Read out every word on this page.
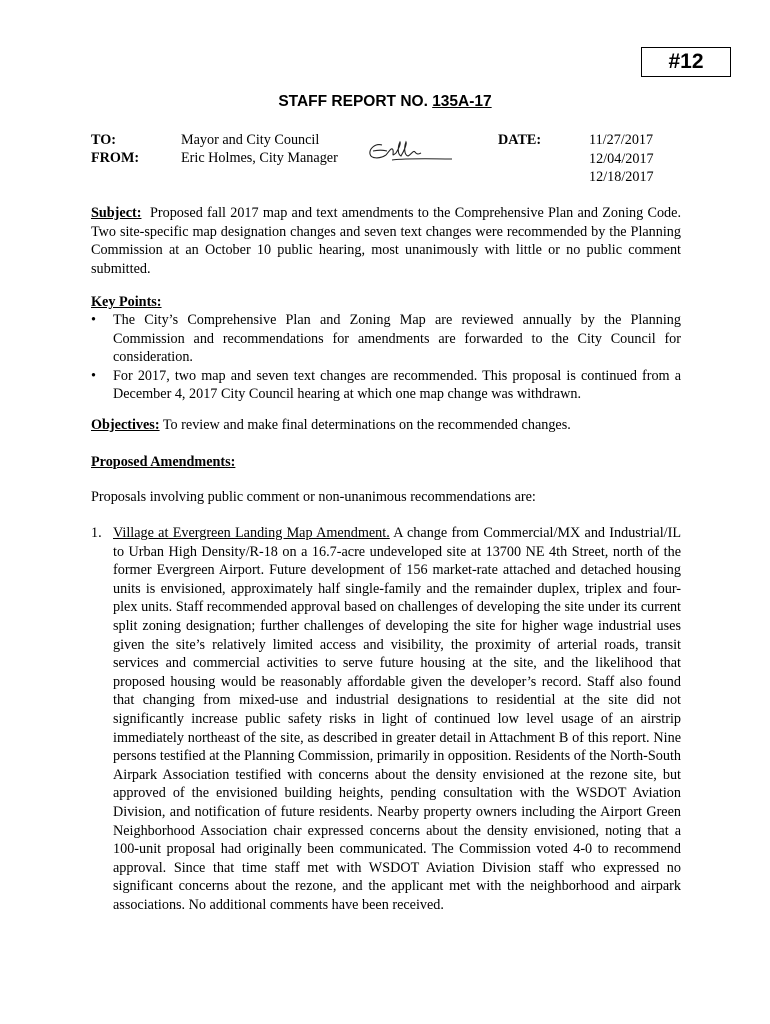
#12
STAFF REPORT NO. 135A-17
TO:	Mayor and City Council
FROM:	Eric Holmes, City Manager
DATE:	11/27/2017
12/04/2017
12/18/2017
Subject: Proposed fall 2017 map and text amendments to the Comprehensive Plan and Zoning Code. Two site-specific map designation changes and seven text changes were recommended by the Planning Commission at an October 10 public hearing, most unanimously with little or no public comment submitted.
Key Points:
• The City’s Comprehensive Plan and Zoning Map are reviewed annually by the Planning Commission and recommendations for amendments are forwarded to the City Council for consideration.
• For 2017, two map and seven text changes are recommended. This proposal is continued from a December 4, 2017 City Council hearing at which one map change was withdrawn.
Objectives: To review and make final determinations on the recommended changes.
Proposed Amendments:
Proposals involving public comment or non-unanimous recommendations are:
1. Village at Evergreen Landing Map Amendment. A change from Commercial/MX and Industrial/IL to Urban High Density/R-18 on a 16.7-acre undeveloped site at 13700 NE 4th Street, north of the former Evergreen Airport. Future development of 156 market-rate attached and detached housing units is envisioned, approximately half single-family and the remainder duplex, triplex and four-plex units. Staff recommended approval based on challenges of developing the site under its current split zoning designation; further challenges of developing the site for higher wage industrial uses given the site’s relatively limited access and visibility, the proximity of arterial roads, transit services and commercial activities to serve future housing at the site, and the likelihood that proposed housing would be reasonably affordable given the developer’s record. Staff also found that changing from mixed-use and industrial designations to residential at the site did not significantly increase public safety risks in light of continued low level usage of an airstrip immediately northeast of the site, as described in greater detail in Attachment B of this report. Nine persons testified at the Planning Commission, primarily in opposition. Residents of the North-South Airpark Association testified with concerns about the density envisioned at the rezone site, but approved of the envisioned building heights, pending consultation with the WSDOT Aviation Division, and notification of future residents. Nearby property owners including the Airport Green Neighborhood Association chair expressed concerns about the density envisioned, noting that a 100-unit proposal had originally been communicated. The Commission voted 4-0 to recommend approval. Since that time staff met with WSDOT Aviation Division staff who expressed no significant concerns about the rezone, and the applicant met with the neighborhood and airpark associations. No additional comments have been received.
